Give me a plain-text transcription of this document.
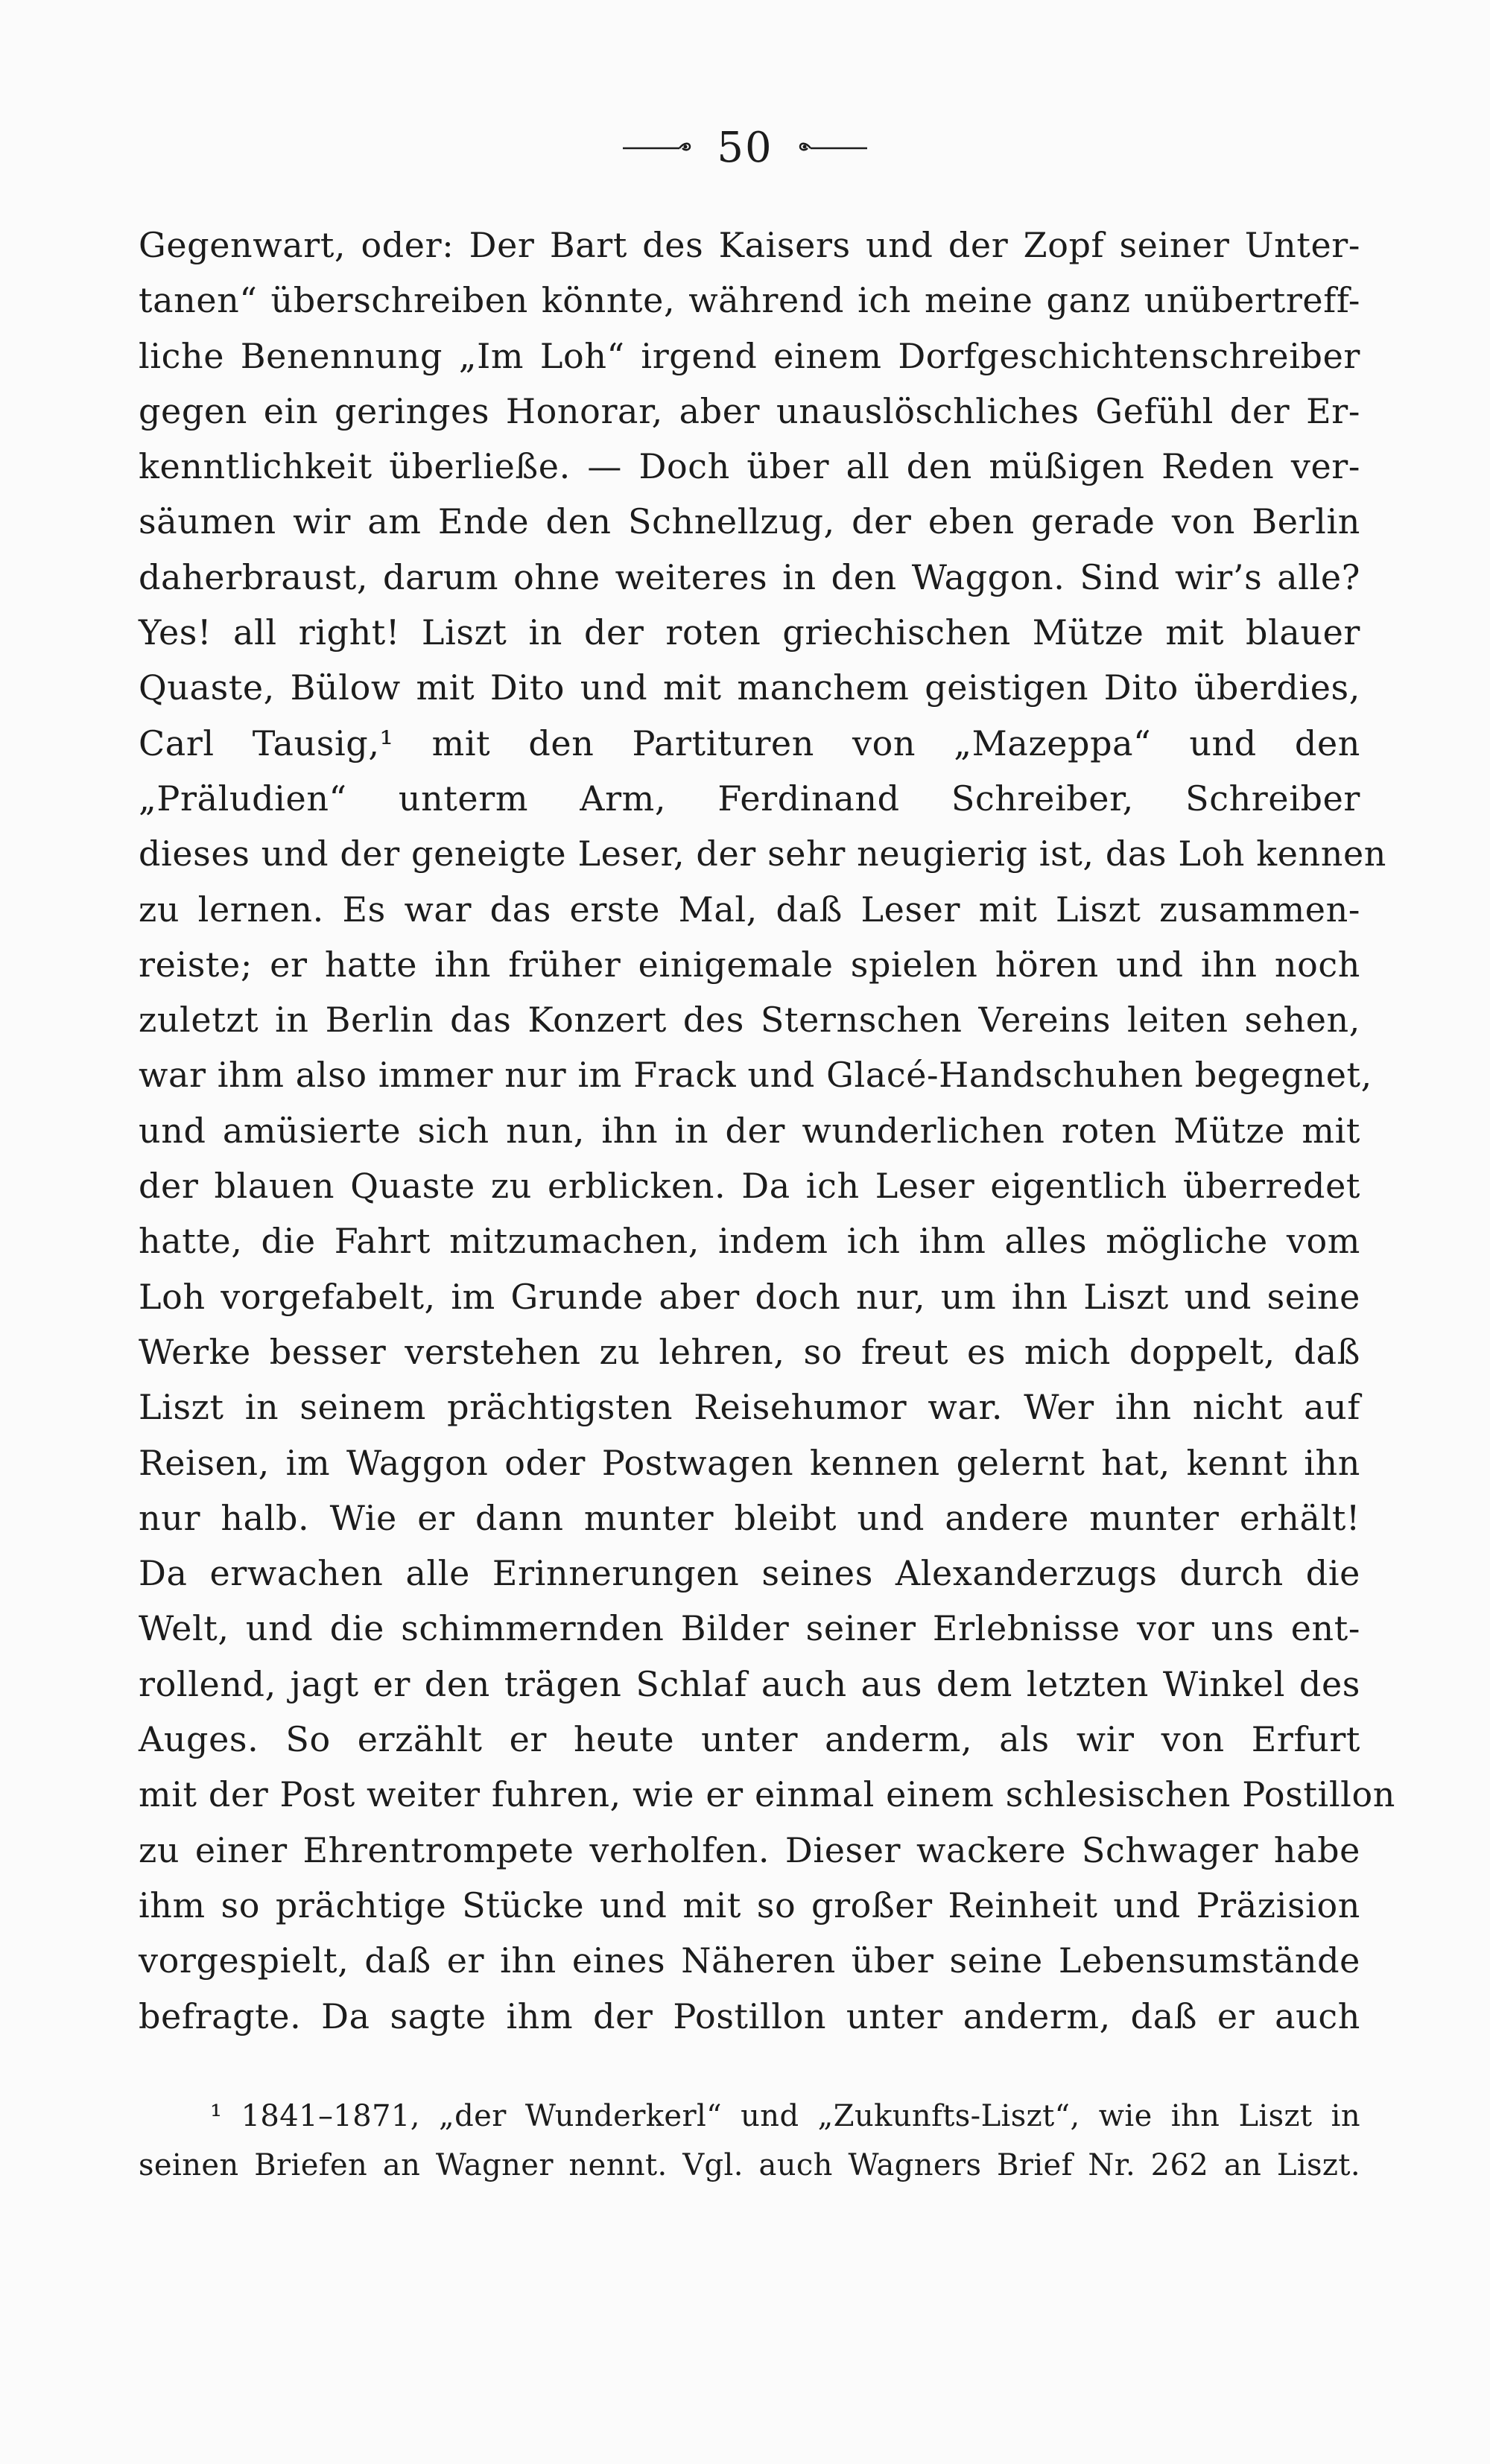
50
Gegenwart, oder: Der Bart des Kaisers und der Zopf seiner Unter-
tanen“ überschreiben könnte, während ich meine ganz unübertreff-
liche Benennung „Im Loh“ irgend einem Dorfgeschichtenschreiber
gegen ein geringes Honorar, aber unauslöschliches Gefühl der Er-
kenntlichkeit überließe. — Doch über all den müßigen Reden ver-
säumen wir am Ende den Schnellzug, der eben gerade von Berlin
daherbraust, darum ohne weiteres in den Waggon. Sind wir’s alle?
Yes! all right! Liszt in der roten griechischen Mütze mit blauer
Quaste, Bülow mit Dito und mit manchem geistigen Dito überdies,
Carl Tausig,¹ mit den Partituren von „Mazeppa“ und den
„Präludien“ unterm Arm, Ferdinand Schreiber, Schreiber
dieses und der geneigte Leser, der sehr neugierig ist, das Loh kennen
zu lernen. Es war das erste Mal, daß Leser mit Liszt zusammen-
reiste; er hatte ihn früher einigemale spielen hören und ihn noch
zuletzt in Berlin das Konzert des Sternschen Vereins leiten sehen,
war ihm also immer nur im Frack und Glacé-Handschuhen begegnet,
und amüsierte sich nun, ihn in der wunderlichen roten Mütze mit
der blauen Quaste zu erblicken. Da ich Leser eigentlich überredet
hatte, die Fahrt mitzumachen, indem ich ihm alles mögliche vom
Loh vorgefabelt, im Grunde aber doch nur, um ihn Liszt und seine
Werke besser verstehen zu lehren, so freut es mich doppelt, daß
Liszt in seinem prächtigsten Reisehumor war. Wer ihn nicht auf
Reisen, im Waggon oder Postwagen kennen gelernt hat, kennt ihn
nur halb. Wie er dann munter bleibt und andere munter erhält!
Da erwachen alle Erinnerungen seines Alexanderzugs durch die
Welt, und die schimmernden Bilder seiner Erlebnisse vor uns ent-
rollend, jagt er den trägen Schlaf auch aus dem letzten Winkel des
Auges. So erzählt er heute unter anderm, als wir von Erfurt
mit der Post weiter fuhren, wie er einmal einem schlesischen Postillon
zu einer Ehrentrompete verholfen. Dieser wackere Schwager habe
ihm so prächtige Stücke und mit so großer Reinheit und Präzision
vorgespielt, daß er ihn eines Näheren über seine Lebensumstände
befragte. Da sagte ihm der Postillon unter anderm, daß er auch
¹ 1841–1871, „der Wunderkerl“ und „Zukunfts-Liszt“, wie ihn Liszt in
seinen Briefen an Wagner nennt. Vgl. auch Wagners Brief Nr. 262 an Liszt.
